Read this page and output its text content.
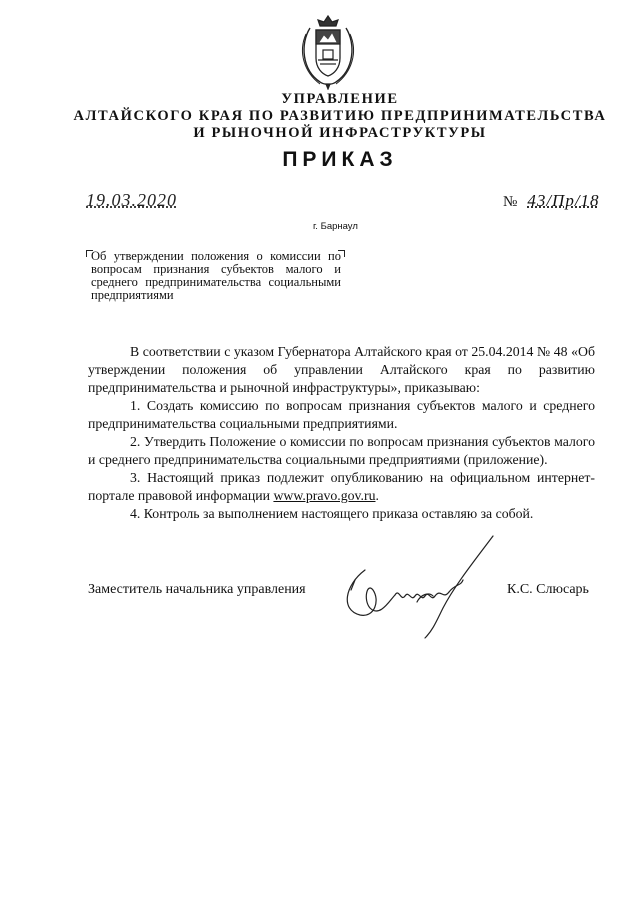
УПРАВЛЕНИЕ
АЛТАЙСКОГО КРАЯ ПО РАЗВИТИЮ ПРЕДПРИНИМАТЕЛЬСТВА
И РЫНОЧНОЙ ИНФРАСТРУКТУРЫ
ПРИКАЗ
19.03.2020	№ 43/Пр/18
г. Барнаул
Об утверждении положения о комиссии по вопросам признания субъектов малого и среднего предпринимательства социальными предприятиями

В соответствии с указом Губернатора Алтайского края от 25.04.2014 № 48 «Об утверждении положения об управлении Алтайского края по развитию предпринимательства и рыночной инфраструктуры», приказываю:

1. Создать комиссию по вопросам признания субъектов малого и среднего предпринимательства социальными предприятиями.

2. Утвердить Положение о комиссии по вопросам признания субъектов малого и среднего предпринимательства социальными предприятиями (приложение).

3. Настоящий приказ подлежит опубликованию на официальном интернет-портале правовой информации www.pravo.gov.ru.

4. Контроль за выполнением настоящего приказа оставляю за собой.

Заместитель начальника управления	К.С. Слюсарь
